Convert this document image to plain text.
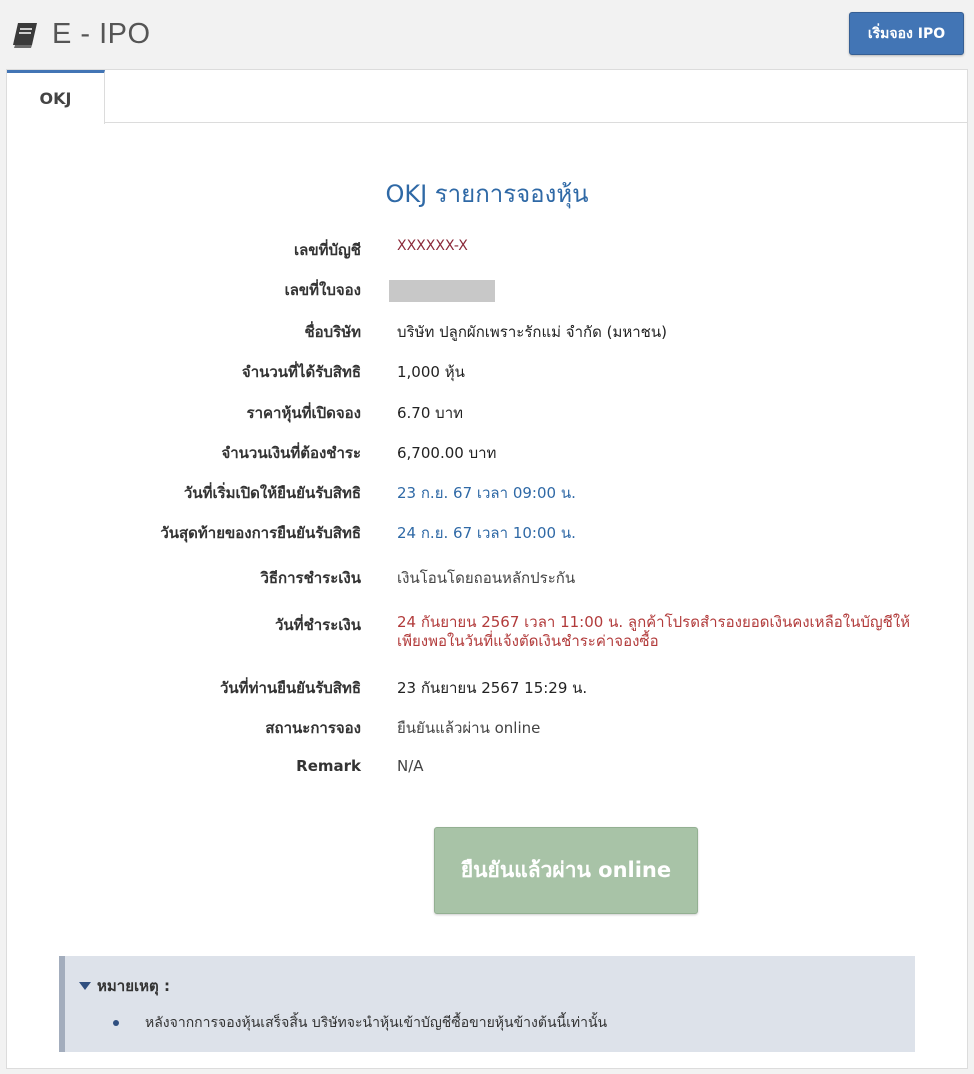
E - IPO	เริ่มจอง IPO
OKJ
OKJ รายการจองหุ้น
เลขที่บัญชี	XXXXXX-X
เลขที่ใบจอง
ชื่อบริษัท บริษัท ปลูกผักเพราะรักแม่ จำกัด (มหาชน)
จำนวนที่ได้รับสิทธิ 1,000 หุ้น
ราคาหุ้นที่เปิดจอง 6.70 บาท
จำนวนเงินที่ต้องชำระ 6,700.00 บาท
วันที่เริ่มเปิดให้ยืนยันรับสิทธิ 23 ก.ย. 67 เวลา 09:00 น.
วันสุดท้ายของการยืนยันรับสิทธิ 24 ก.ย. 67 เวลา 10:00 น.
วิธีการชำระเงิน เงินโอนโดยถอนหลักประกัน
วันที่ชำระเงิน 24 กันยายน 2567 เวลา 11:00 น. ลูกค้าโปรดสำรองยอดเงินคงเหลือในบัญชีให้เพียงพอในวันที่แจ้งตัดเงินชำระค่าจองซื้อ
วันที่ท่านยืนยันรับสิทธิ 23 กันยายน 2567 15:29 น.
สถานะการจอง ยืนยันแล้วผ่าน online
Remark N/A
ยืนยันแล้วผ่าน online
หมายเหตุ :
หลังจากการจองหุ้นเสร็จสิ้น บริษัทจะนำหุ้นเข้าบัญชีซื้อขายหุ้นข้างต้นนี้เท่านั้น
